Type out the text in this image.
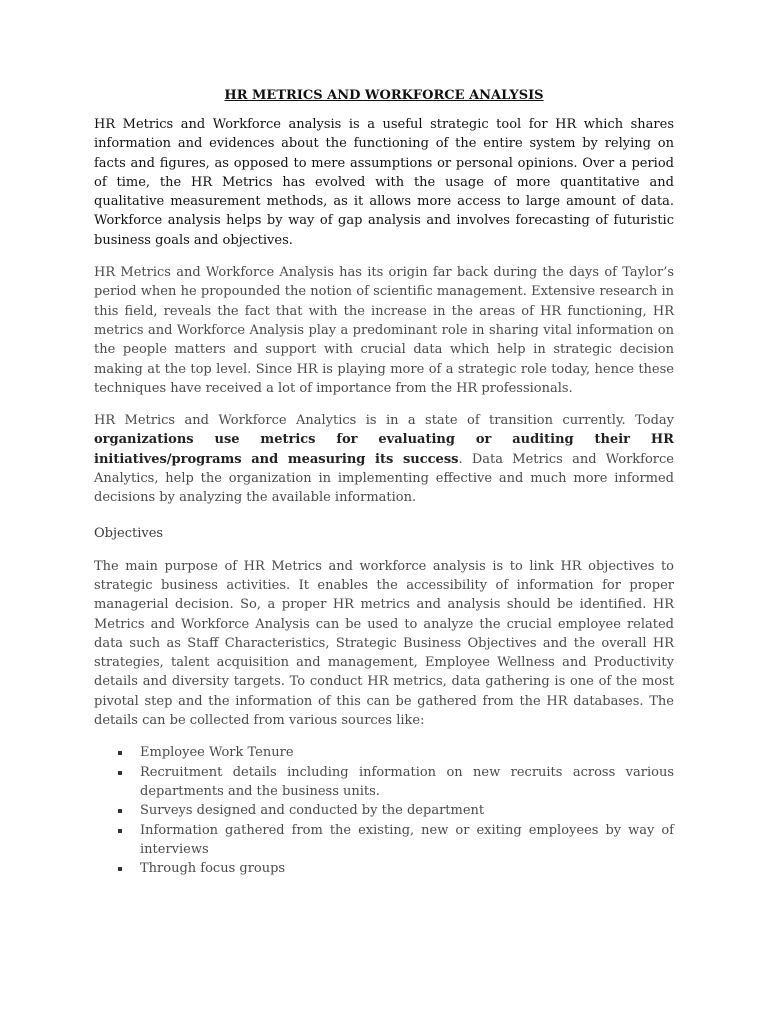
HR METRICS AND WORKFORCE ANALYSIS

HR Metrics and Workforce analysis is a useful strategic tool for HR which shares information and evidences about the functioning of the entire system by relying on facts and figures, as opposed to mere assumptions or personal opinions. Over a period of time, the HR Metrics has evolved with the usage of more quantitative and qualitative measurement methods, as it allows more access to large amount of data. Workforce analysis helps by way of gap analysis and involves forecasting of futuristic business goals and objectives.

HR Metrics and Workforce Analysis has its origin far back during the days of Taylor’s period when he propounded the notion of scientific management. Extensive research in this field, reveals the fact that with the increase in the areas of HR functioning, HR metrics and Workforce Analysis play a predominant role in sharing vital information on the people matters and support with crucial data which help in strategic decision making at the top level. Since HR is playing more of a strategic role today, hence these techniques have received a lot of importance from the HR professionals.

HR Metrics and Workforce Analytics is in a state of transition currently. Today organizations use metrics for evaluating or auditing their HR initiatives/programs and measuring its success. Data Metrics and Workforce Analytics, help the organization in implementing effective and much more informed decisions by analyzing the available information.

Objectives

The main purpose of HR Metrics and workforce analysis is to link HR objectives to strategic business activities. It enables the accessibility of information for proper managerial decision. So, a proper HR metrics and analysis should be identified. HR Metrics and Workforce Analysis can be used to analyze the crucial employee related data such as Staff Characteristics, Strategic Business Objectives and the overall HR strategies, talent acquisition and management, Employee Wellness and Productivity details and diversity targets. To conduct HR metrics, data gathering is one of the most pivotal step and the information of this can be gathered from the HR databases. The details can be collected from various sources like:

Employee Work Tenure
Recruitment details including information on new recruits across various departments and the business units.
Surveys designed and conducted by the department
Information gathered from the existing, new or exiting employees by way of interviews
Through focus groups
